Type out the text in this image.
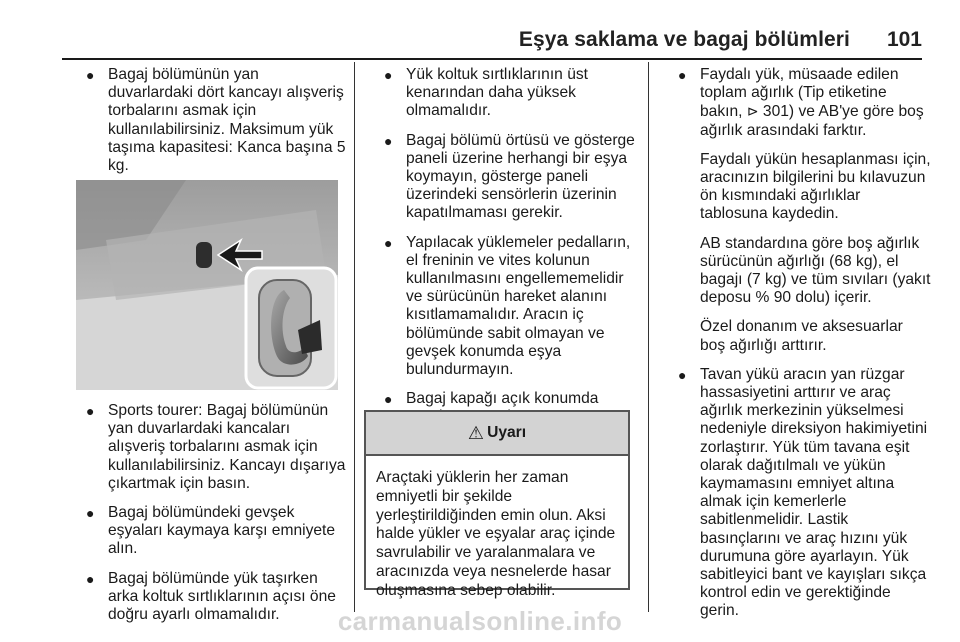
Eşya saklama ve bagaj bölümleri 101
● Bagaj bölümünün yan duvarlardaki dört kancayı alışveriş torbalarını asmak için kullanılabilirsiniz. Maksimum yük taşıma kapasitesi: Kanca başına 5 kg.
● Sports tourer: Bagaj bölümünün yan duvarlardaki kancaları alışveriş torbalarını asmak için kullanılabilirsiniz. Kancayı dışarıya çıkartmak için basın.
● Bagaj bölümündeki gevşek eşyaları kaymaya karşı emniyete alın.
● Bagaj bölümünde yük taşırken arka koltuk sırtlıklarının açısı öne doğru ayarlı olmamalıdır.
● Yük koltuk sırtlıklarının üst kenarından daha yüksek olmamalıdır.
● Bagaj bölümü örtüsü ve gösterge paneli üzerine herhangi bir eşya koymayın, gösterge paneli üzerindeki sensörlerin üzerinin kapatılmaması gerekir.
● Yapılacak yüklemeler pedalların, el freninin ve vites kolunun kullanılmasını engellememelidir ve sürücünün hareket alanını kısıtlamamalıdır. Aracın iç bölümünde sabit olmayan ve gevşek konumda eşya bulundurmayın.
● Bagaj kapağı açık konumda
⚠ Uyarı
Araçtaki yüklerin her zaman emniyetli bir şekilde yerleştirildiğinden emin olun. Aksi halde yükler ve eşyalar araç içinde savrulabilir ve yaralanmalara ve aracınızda veya nesnelerde hasar oluşmasına sebep olabilir.
● Faydalı yük, müsaade edilen toplam ağırlık (Tip etiketine bakın, ⊳ 301) ve AB'ye göre boş ağırlık arasındaki farktır.

Faydalı yükün hesaplanması için, aracınızın bilgilerini bu kılavuzun ön kısmındaki ağırlıklar tablosuna kaydedin.

AB standardına göre boş ağırlık sürücünün ağırlığı (68 kg), el bagajı (7 kg) ve tüm sıvıları (yakıt deposu % 90 dolu) içerir.

Özel donanım ve aksesuarlar boş ağırlığı arttırır.

● Tavan yükü aracın yan rüzgar hassasiyetini arttırır ve araç ağırlık merkezinin yükselmesi nedeniyle direksiyon hakimiyetini zorlaştırır. Yük tüm tavana eşit olarak dağıtılmalı ve yükün kaymamasını emniyet altına almak için kemerlerle sabitlenmelidir. Lastik basınçlarını ve araç hızını yük durumuna göre ayarlayın. Yük sabitleyici bant ve kayışları sıkça kontrol edin ve gerektiğinde gerin.
carmanualsonline.info
